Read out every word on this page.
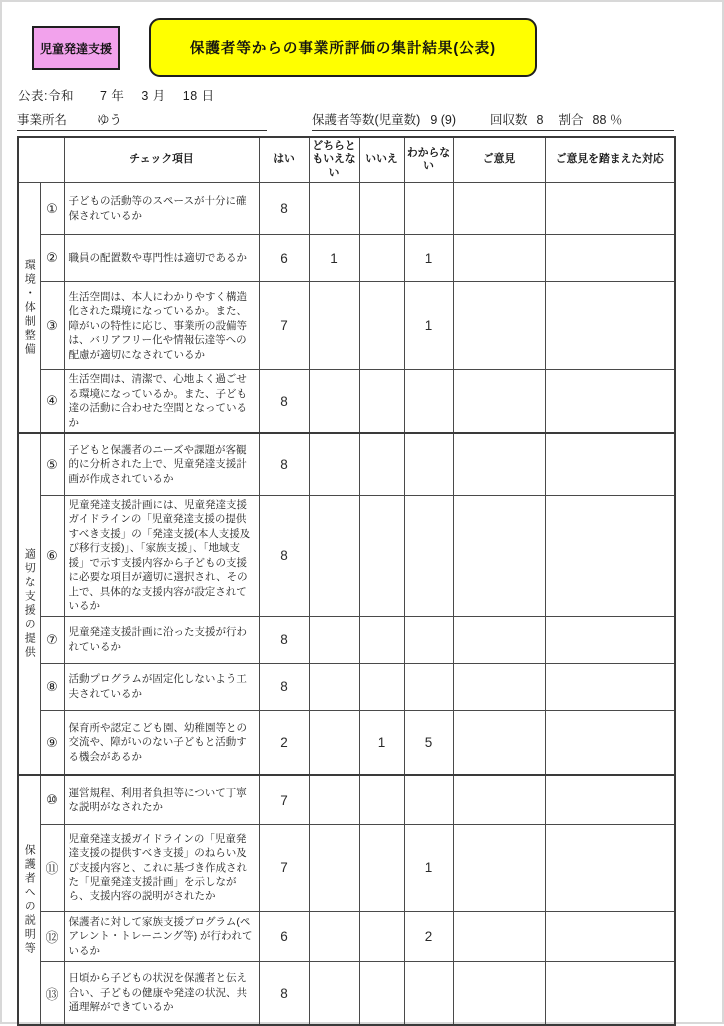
児童発達支援	保護者等からの事業所評価の集計結果(公表)
公表:令和　　7 年　 3 月　 18 日
事業所名 ゆう	保護者等数(児童数) 9 (9)	回収数 8 割合 88 ％
		チェック項目	はい	どちらともいえない	いいえ	わからない	ご意見	ご意見を踏まえた対応
環境・体制整備	①	子どもの活動等のスペースが十分に確保されているか	8					
	②	職員の配置数や専門性は適切であるか	6	1		1		
	③	生活空間は、本人にわかりやすく構造化された環境になっているか。また、障がいの特性に応じ、事業所の設備等は、バリアフリー化や情報伝達等への配慮が適切になされているか	7			1		
	④	生活空間は、清潔で、心地よく過ごせる環境になっているか。また、子ども達の活動に合わせた空間となっているか	8					
適切な支援の提供	⑤	子どもと保護者のニーズや課題が客観的に分析された上で、児童発達支援計画が作成されているか	8					
	⑥	児童発達支援計画には、児童発達支援ガイドラインの「児童発達支援の提供すべき支援」の「発達支援(本人支援及び移行支援)」、「家族支援」、「地域支援」で示す支援内容から子どもの支援に必要な項目が適切に選択され、その上で、具体的な支援内容が設定されているか	8					
	⑦	児童発達支援計画に沿った支援が行われているか	8					
	⑧	活動プログラムが固定化しないよう工夫されているか	8					
	⑨	保育所や認定こども園、幼稚園等との交流や、障がいのない子どもと活動する機会があるか	2		1	5		
保護者への説明等	⑩	運営規程、利用者負担等について丁寧な説明がなされたか	7					
	⑪	児童発達支援ガイドラインの「児童発達支援の提供すべき支援」のねらい及び支援内容と、これに基づき作成された「児童発達支援計画」を示しながら、支援内容の説明がされたか	7			1		
	⑫	保護者に対して家族支援プログラム(ペアレント・トレーニング等) が行われているか	6			2		
	⑬	日頃から子どもの状況を保護者と伝え合い、子どもの健康や発達の状況、共通理解ができているか	8					
